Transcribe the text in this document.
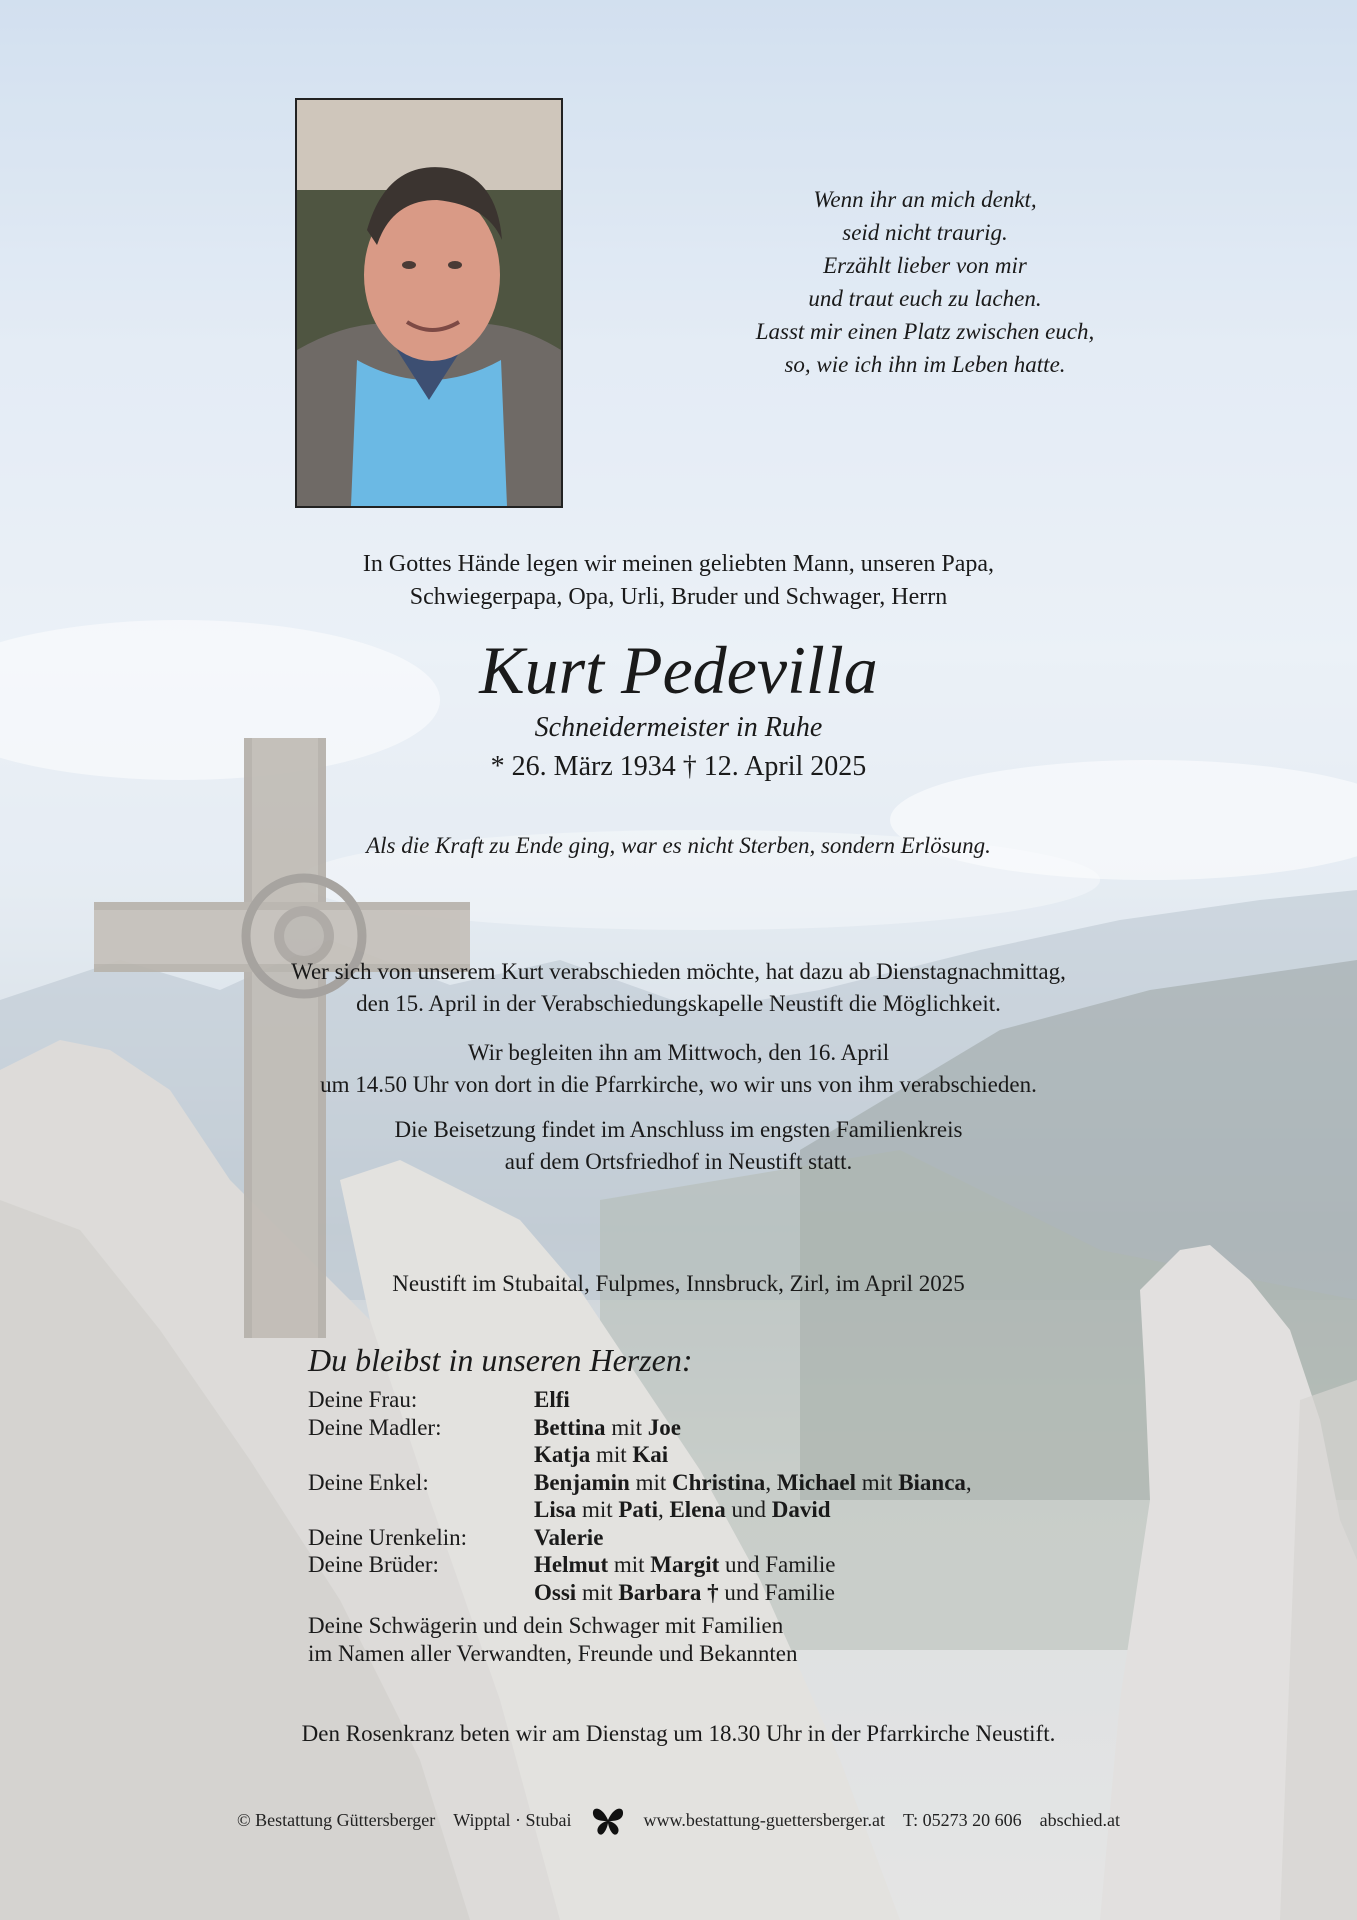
Wenn ihr an mich denkt,
seid nicht traurig.
Erzählt lieber von mir
und traut euch zu lachen.
Lasst mir einen Platz zwischen euch,
so, wie ich ihn im Leben hatte.
In Gottes Hände legen wir meinen geliebten Mann, unseren Papa,
Schwiegerpapa, Opa, Urli, Bruder und Schwager, Herrn
Kurt Pedevilla
Schneidermeister in Ruhe
* 26. März 1934 † 12. April 2025
Als die Kraft zu Ende ging, war es nicht Sterben, sondern Erlösung.
Wer sich von unserem Kurt verabschieden möchte, hat dazu ab Dienstagnachmittag,
den 15. April in der Verabschiedungskapelle Neustift die Möglichkeit.
Wir begleiten ihn am Mittwoch, den 16. April
um 14.50 Uhr von dort in die Pfarrkirche, wo wir uns von ihm verabschieden.
Die Beisetzung findet im Anschluss im engsten Familienkreis
auf dem Ortsfriedhof in Neustift statt.
Neustift im Stubaital, Fulpmes, Innsbruck, Zirl, im April 2025
Du bleibst in unseren Herzen:
Deine Frau:	Elfi
Deine Madler:	Bettina mit Joe
Katja mit Kai
Deine Enkel:	Benjamin mit Christina, Michael mit Bianca,
Lisa mit Pati, Elena und David
Deine Urenkelin:	Valerie
Deine Brüder:	Helmut mit Margit und Familie
Ossi mit Barbara † und Familie
Deine Schwägerin und dein Schwager mit Familien
im Namen aller Verwandten, Freunde und Bekannten
Den Rosenkranz beten wir am Dienstag um 18.30 Uhr in der Pfarrkirche Neustift.
© Bestattung Güttersberger Wipptal · Stubai	www.bestattung-guettersberger.at T: 05273 20 606 abschied.at
